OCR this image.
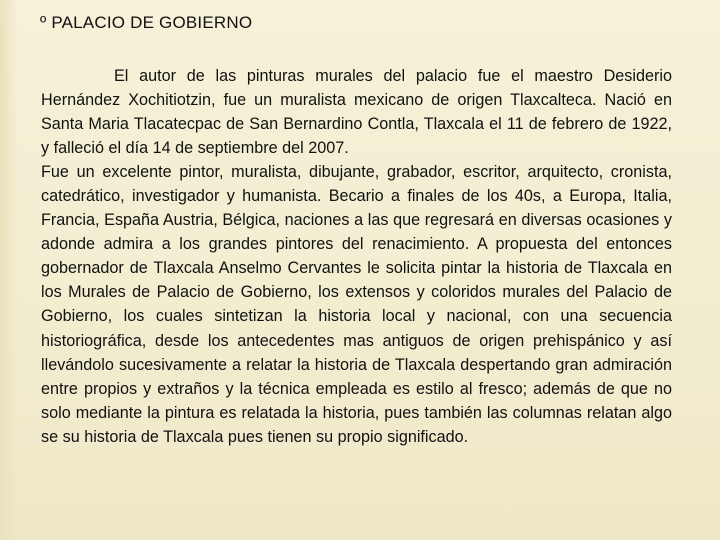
º PALACIO DE GOBIERNO

El autor de las pinturas murales del palacio fue el maestro Desiderio Hernández Xochitiotzin, fue un muralista mexicano de origen Tlaxcalteca. Nació en Santa Maria Tlacatecpac de San Bernardino Contla, Tlaxcala el 11 de febrero de 1922, y falleció el día 14 de septiembre del 2007.

Fue un excelente pintor, muralista, dibujante, grabador, escritor, arquitecto, cronista, catedrático, investigador y humanista. Becario a finales de los 40s, a Europa, Italia, Francia, España Austria, Bélgica, naciones a las que regresará en diversas ocasiones y adonde admira a los grandes pintores del renacimiento. A propuesta del entonces gobernador de Tlaxcala Anselmo Cervantes le solicita pintar la historia de Tlaxcala en los Murales de Palacio de Gobierno, los extensos y coloridos murales del Palacio de Gobierno, los cuales sintetizan la historia local y nacional, con una secuencia historiográfica, desde los antecedentes mas antiguos de origen prehispánico y así llevándolo sucesivamente a relatar la historia de Tlaxcala despertando gran admiración entre propios y extraños y la técnica empleada es estilo al fresco; además de que no solo mediante la pintura es relatada la historia, pues también las columnas relatan algo se su historia de Tlaxcala pues tienen su propio significado.
